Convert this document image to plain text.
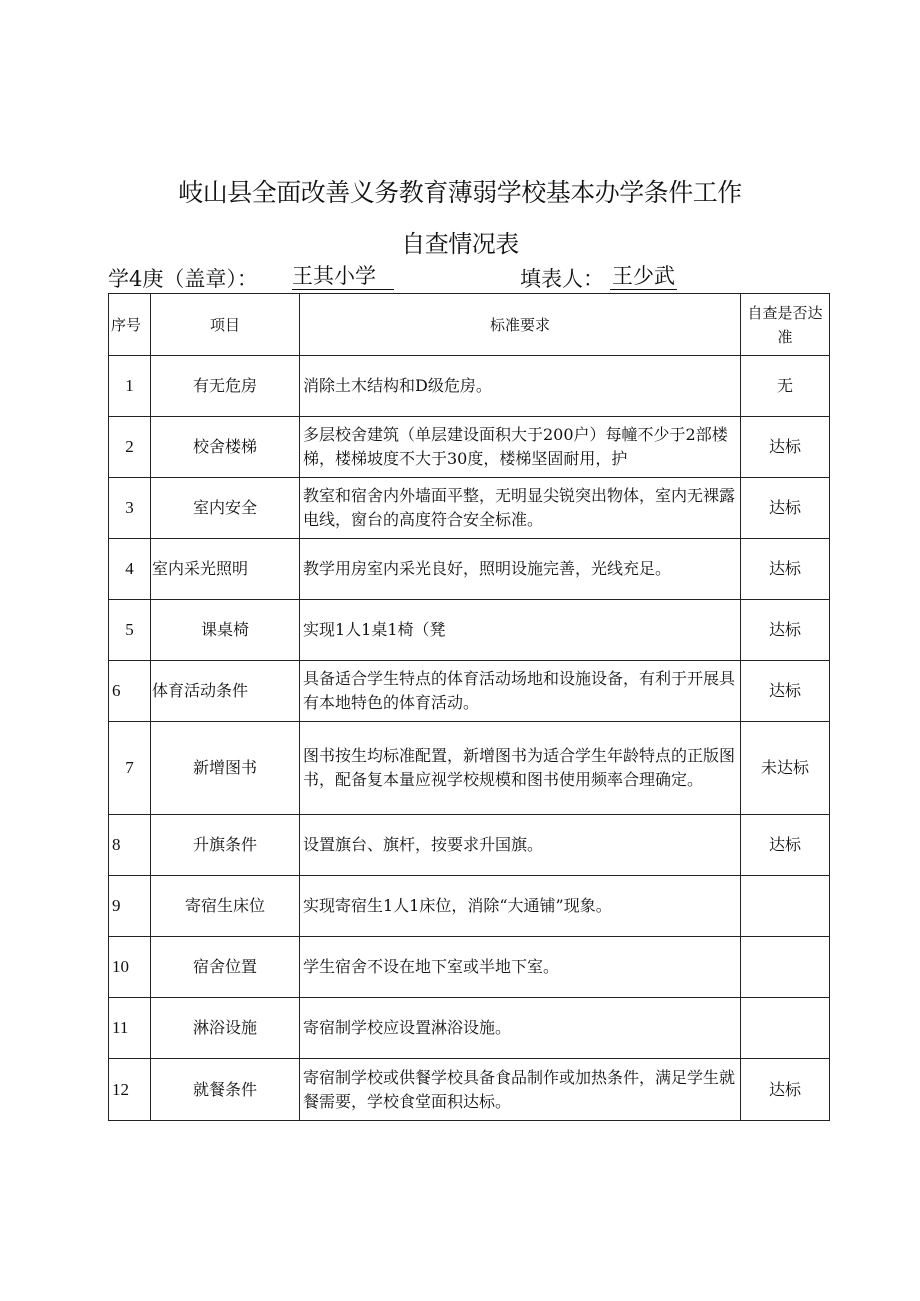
岐山县全面改善义务教育薄弱学校基本办学条件工作
自查情况表
学4庚（盖章）： 王其小学	填表人： 王少武
序号	项目	标准要求	自查是否达准
1	有无危房	消除土木结构和D级危房。	无
2	校舍楼梯	多层校舍建筑（单层建设面积大于200户）每幢不少于2部楼梯，楼梯坡度不大于30度，楼梯坚固耐用，护	达标
3	室内安全	教室和宿舍内外墙面平整，无明显尖锐突出物体，室内无裸露电线，窗台的高度符合安全标准。	达标
4	室内采光照明	教学用房室内采光良好，照明设施完善，光线充足。	达标
5	课桌椅	实现1人1桌1椅（凳	达标
6	体育活动条件	具备适合学生特点的体育活动场地和设施设备，有利于开展具有本地特色的体育活动。	达标
7	新增图书	图书按生均标准配置，新增图书为适合学生年龄特点的正版图书，配备复本量应视学校规模和图书使用频率合理确定。	未达标
8	升旗条件	设置旗台、旗杆，按要求升国旗。	达标
9	寄宿生床位	实现寄宿生1人1床位，消除“大通铺”现象。	
10	宿舍位置	学生宿舍不设在地下室或半地下室。	
11	淋浴设施	寄宿制学校应设置淋浴设施。	
12	就餐条件	寄宿制学校或供餐学校具备食品制作或加热条件，满足学生就餐需要，学校食堂面积达标。	达标
